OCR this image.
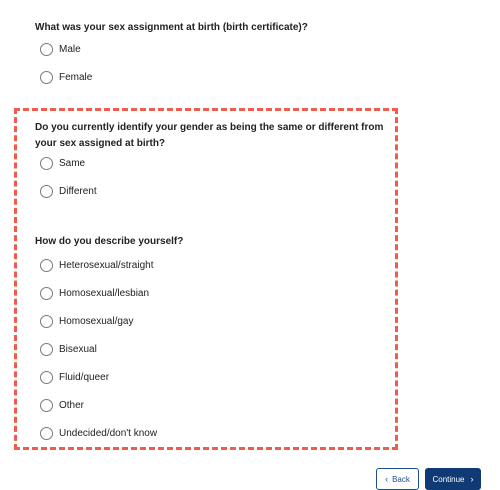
What was your sex assignment at birth (birth certificate)?
Male
Female
Do you currently identify your gender as being the same or different from
your sex assigned at birth?
Same
Different
How do you describe yourself?
Heterosexual/straight
Homosexual/lesbian
Homosexual/gay
Bisexual
Fluid/queer
Other
Undecided/don't know
‹ Back	Continue ›
